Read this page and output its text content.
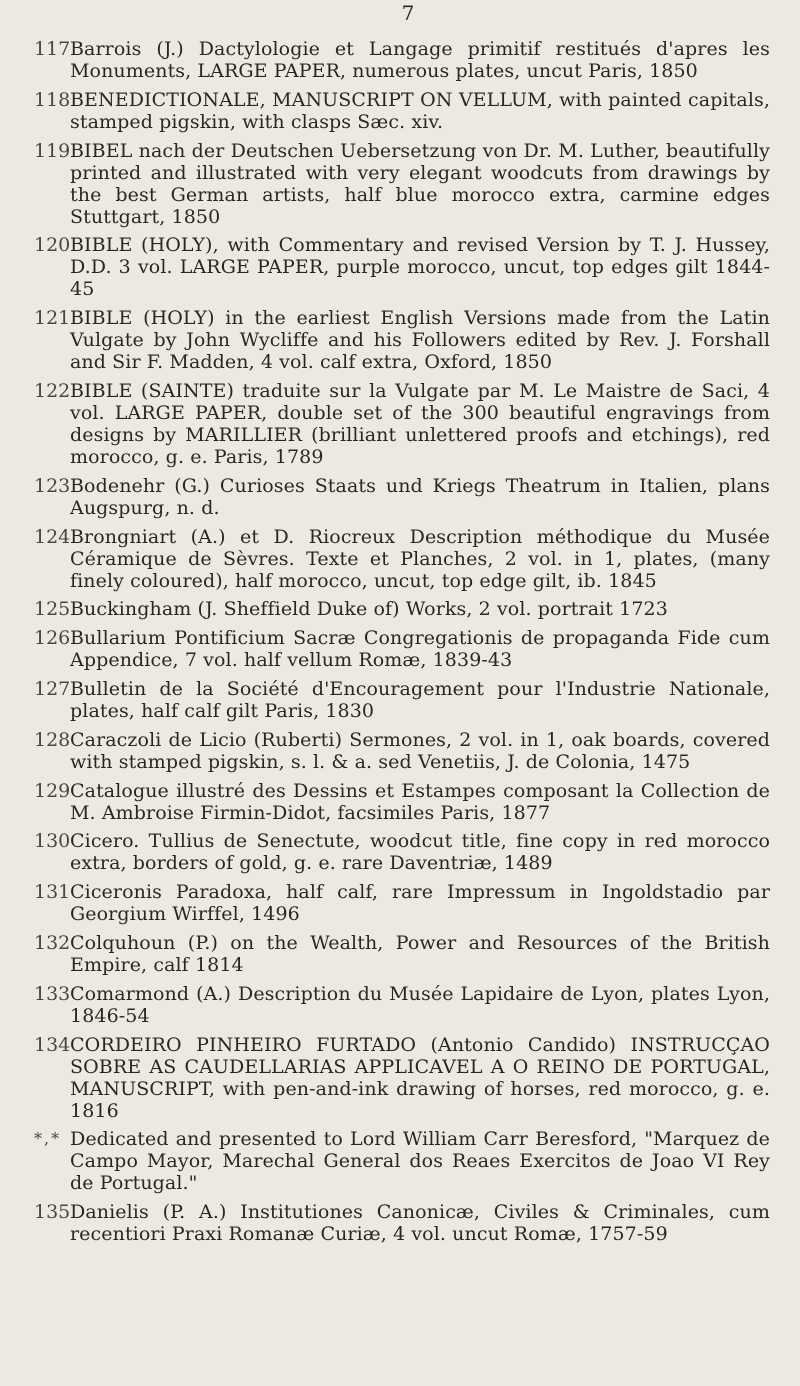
7
117 Barrois (J.) Dactylologie et Langage primitif restitués d'apres les Monuments, LARGE PAPER, numerous plates, uncut Paris, 1850
118 BENEDICTIONALE, MANUSCRIPT ON VELLUM, with painted capitals, stamped pigskin, with clasps Sæc. xiv.
119 BIBEL nach der Deutschen Uebersetzung von Dr. M. Luther, beautifully printed and illustrated with very elegant woodcuts from drawings by the best German artists, half blue morocco extra, carmine edges Stuttgart, 1850
120 BIBLE (HOLY), with Commentary and revised Version by T. J. Hussey, D.D. 3 vol. LARGE PAPER, purple morocco, uncut, top edges gilt 1844-45
121 BIBLE (HOLY) in the earliest English Versions made from the Latin Vulgate by John Wycliffe and his Followers edited by Rev. J. Forshall and Sir F. Madden, 4 vol. calf extra, Oxford, 1850
122 BIBLE (SAINTE) traduite sur la Vulgate par M. Le Maistre de Saci, 4 vol. LARGE PAPER, double set of the 300 beautiful engravings from designs by MARILLIER (brilliant unlettered proofs and etchings), red morocco, g. e. Paris, 1789
123 Bodenehr (G.) Curioses Staats und Kriegs Theatrum in Italien, plans Augspurg, n. d.
124 Brongniart (A.) et D. Riocreux Description méthodique du Musée Céramique de Sèvres. Texte et Planches, 2 vol. in 1, plates, (many finely coloured), half morocco, uncut, top edge gilt, ib. 1845
125 Buckingham (J. Sheffield Duke of) Works, 2 vol. portrait 1723
126 Bullarium Pontificium Sacræ Congregationis de propaganda Fide cum Appendice, 7 vol. half vellum Romæ, 1839-43
127 Bulletin de la Société d'Encouragement pour l'Industrie Nationale, plates, half calf gilt Paris, 1830
128 Caraczoli de Licio (Ruberti) Sermones, 2 vol. in 1, oak boards, covered with stamped pigskin, s. l. & a. sed Venetiis, J. de Colonia, 1475
129 Catalogue illustré des Dessins et Estampes composant la Collection de M. Ambroise Firmin-Didot, facsimiles Paris, 1877
130 Cicero. Tullius de Senectute, woodcut title, fine copy in red morocco extra, borders of gold, g. e. rare Daventriæ, 1489
131 Ciceronis Paradoxa, half calf, rare Impressum in Ingoldstadio par Georgium Wirffel, 1496
132 Colquhoun (P.) on the Wealth, Power and Resources of the British Empire, calf 1814
133 Comarmond (A.) Description du Musée Lapidaire de Lyon, plates Lyon, 1846-54
134 CORDEIRO PINHEIRO FURTADO (Antonio Candido) INSTRUCÇAO SOBRE AS CAUDELLARIAS APPLICAVEL A O REINO DE PORTUGAL, MANUSCRIPT, with pen-and-ink drawing of horses, red morocco, g. e. 1816
*,* Dedicated and presented to Lord William Carr Beresford, "Marquez de Campo Mayor, Marechal General dos Reaes Exercitos de Joao VI Rey de Portugal."
135 Danielis (P. A.) Institutiones Canonicæ, Civiles & Criminales, cum recentiori Praxi Romanæ Curiæ, 4 vol. uncut Romæ, 1757-59
